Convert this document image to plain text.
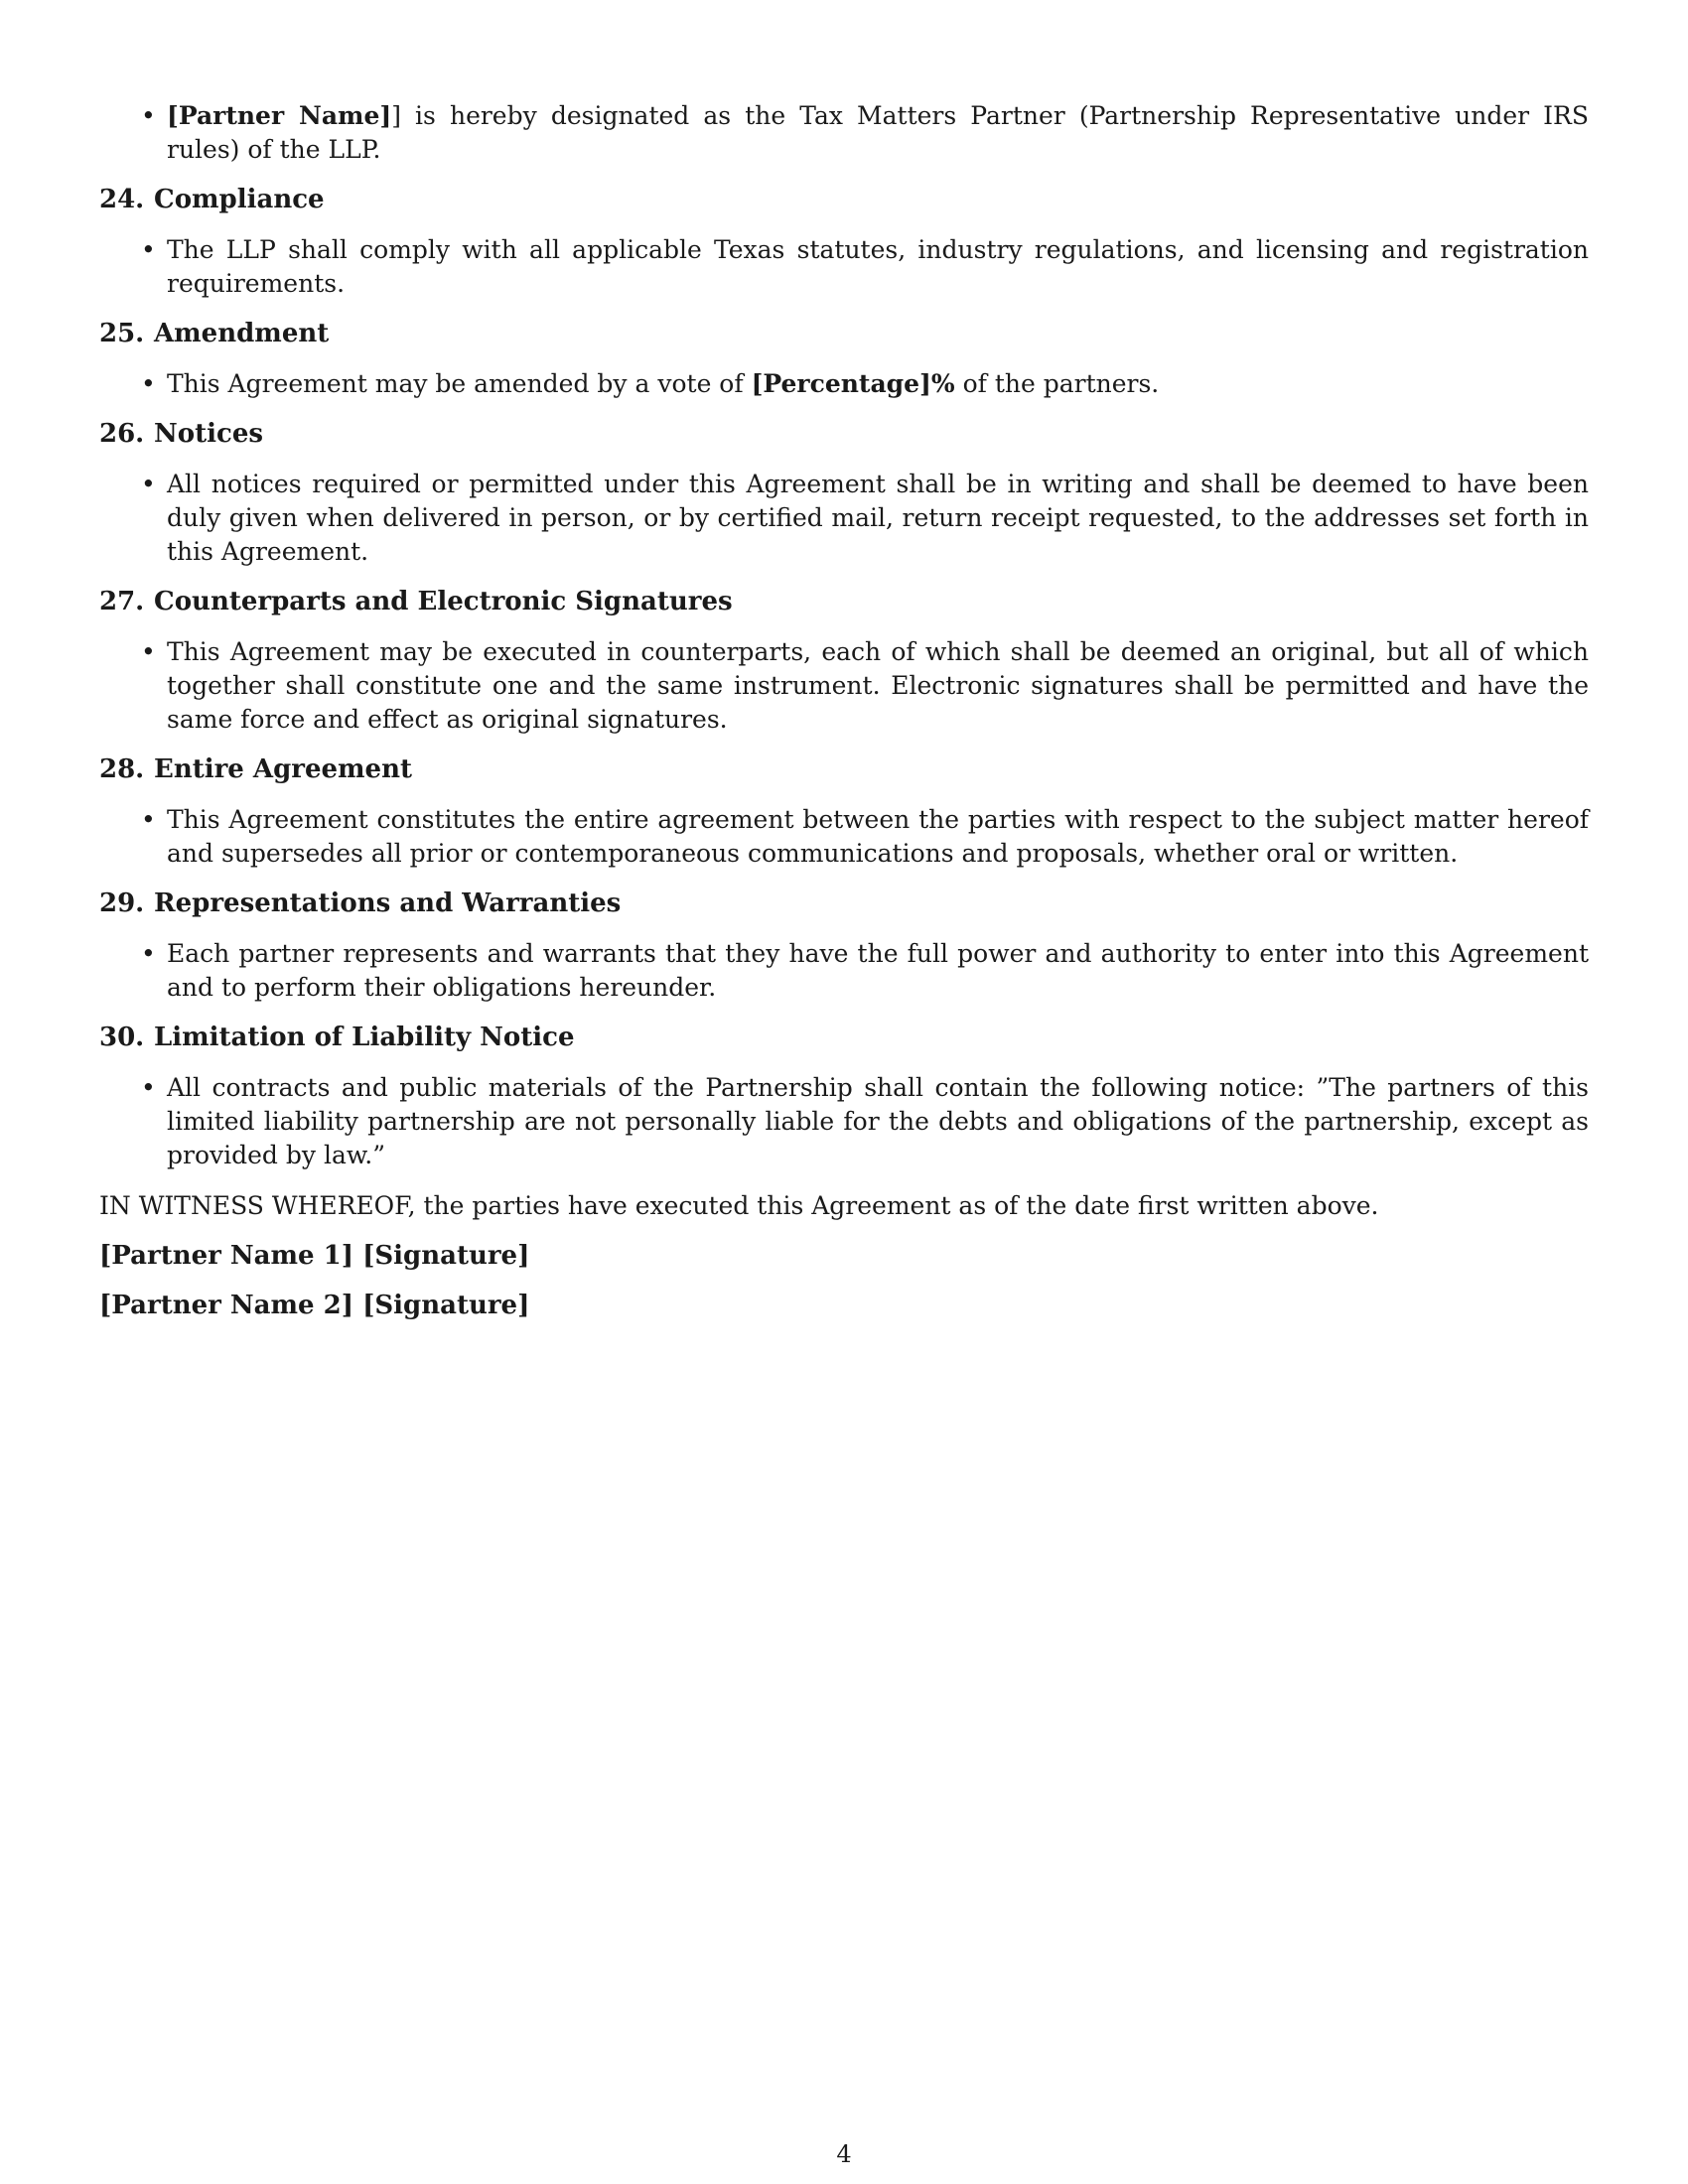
• [Partner Name]] is hereby designated as the Tax Matters Partner (Partnership Representative under IRS rules) of the LLP.
24. Compliance
• The LLP shall comply with all applicable Texas statutes, industry regulations, and licensing and registration requirements.
25. Amendment
• This Agreement may be amended by a vote of [Percentage]% of the partners.
26. Notices
• All notices required or permitted under this Agreement shall be in writing and shall be deemed to have been duly given when delivered in person, or by certified mail, return receipt requested, to the addresses set forth in this Agreement.
27. Counterparts and Electronic Signatures
• This Agreement may be executed in counterparts, each of which shall be deemed an original, but all of which together shall constitute one and the same instrument. Electronic signatures shall be permitted and have the same force and effect as original signatures.
28. Entire Agreement
• This Agreement constitutes the entire agreement between the parties with respect to the subject matter hereof and supersedes all prior or contemporaneous communications and proposals, whether oral or written.
29. Representations and Warranties
• Each partner represents and warrants that they have the full power and authority to enter into this Agreement and to perform their obligations hereunder.
30. Limitation of Liability Notice
• All contracts and public materials of the Partnership shall contain the following notice: ”The partners of this limited liability partnership are not personally liable for the debts and obligations of the partnership, except as provided by law.”
IN WITNESS WHEREOF, the parties have executed this Agreement as of the date first written above.
[Partner Name 1] [Signature]
[Partner Name 2] [Signature]
4
